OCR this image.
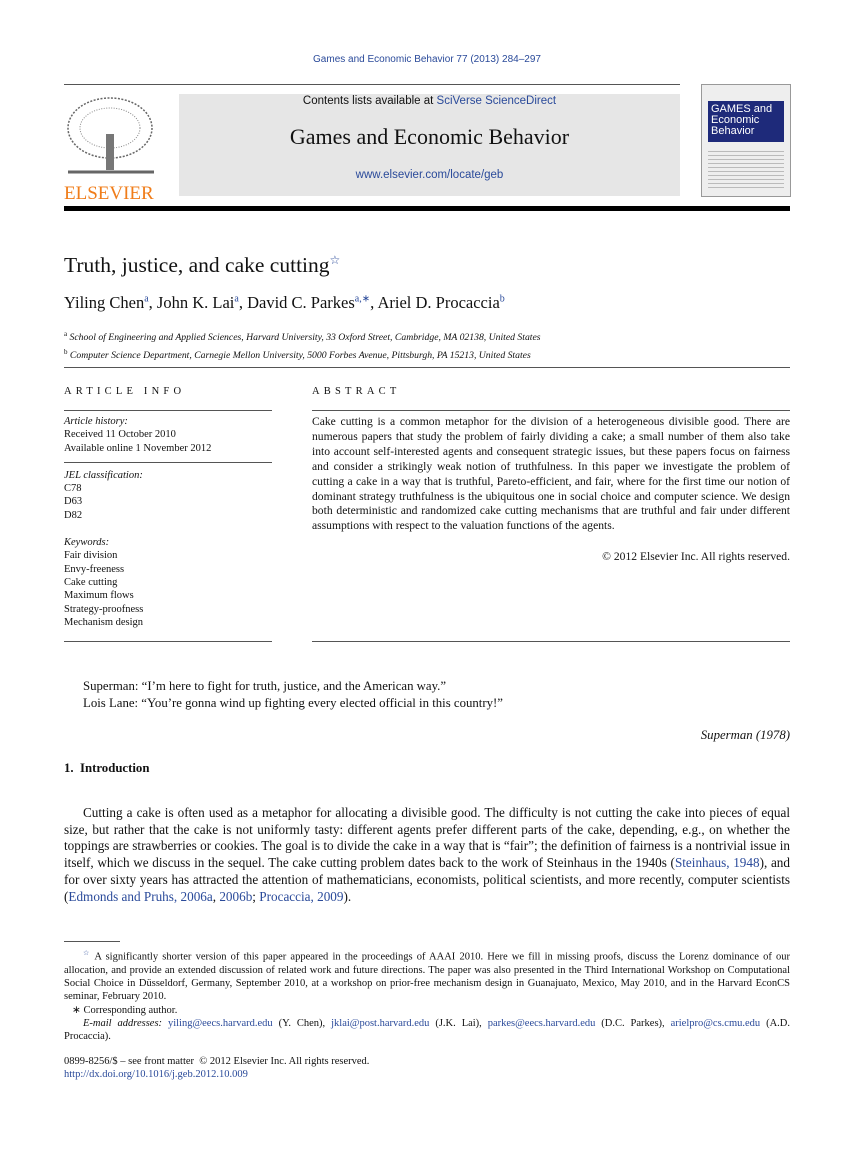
Games and Economic Behavior 77 (2013) 284–297
ELSEVIER
Contents lists available at SciVerse ScienceDirect
Games and Economic Behavior
www.elsevier.com/locate/geb
GAMES and Economic Behavior
Truth, justice, and cake cutting☆
Yiling Chen$^a$, John K. Lai$^a$, David C. Parkes$^{a,∗}$, Ariel D. Procaccia$^b$
$^a$ School of Engineering and Applied Sciences, Harvard University, 33 Oxford Street, Cambridge, MA 02138, United States
$^b$ Computer Science Department, Carnegie Mellon University, 5000 Forbes Avenue, Pittsburgh, PA 15213, United States
ARTICLE INFO
Article history:
Received 11 October 2010
Available online 1 November 2012
JEL classification:
C78
D63
D82
Keywords:
Fair division
Envy-freeness
Cake cutting
Maximum flows
Strategy-proofness
Mechanism design
ABSTRACT
Cake cutting is a common metaphor for the division of a heterogeneous divisible good. There are numerous papers that study the problem of fairly dividing a cake; a small number of them also take into account self-interested agents and consequent strategic issues, but these papers focus on fairness and consider a strikingly weak notion of truthfulness. In this paper we investigate the problem of cutting a cake in a way that is truthful, Pareto-efficient, and fair, where for the first time our notion of dominant strategy truthfulness is the ubiquitous one in social choice and computer science. We design both deterministic and randomized cake cutting mechanisms that are truthful and fair under different assumptions with respect to the valuation functions of the agents.
© 2012 Elsevier Inc. All rights reserved.
Superman: “I’m here to fight for truth, justice, and the American way.”
Lois Lane: “You’re gonna wind up fighting every elected official in this country!”
Superman (1978)
1.  Introduction
Cutting a cake is often used as a metaphor for allocating a divisible good. The difficulty is not cutting the cake into pieces of equal size, but rather that the cake is not uniformly tasty: different agents prefer different parts of the cake, depending, e.g., on whether the toppings are strawberries or cookies. The goal is to divide the cake in a way that is “fair”; the definition of fairness is a nontrivial issue in itself, which we discuss in the sequel. The cake cutting problem dates back to the work of Steinhaus in the 1940s (Steinhaus, 1948), and for over sixty years has attracted the attention of mathematicians, economists, political scientists, and more recently, computer scientists (Edmonds and Pruhs, 2006a, 2006b; Procaccia, 2009).
☆ A significantly shorter version of this paper appeared in the proceedings of AAAI 2010. Here we fill in missing proofs, discuss the Lorenz dominance of our allocation, and provide an extended discussion of related work and future directions. The paper was also presented in the Third International Workshop on Computational Social Choice in Düsseldorf, Germany, September 2010, at a workshop on prior-free mechanism design in Guanajuato, Mexico, May 2010, and in the Harvard EconCS seminar, February 2010.
∗ Corresponding author.
E-mail addresses: yiling@eecs.harvard.edu (Y. Chen), jklai@post.harvard.edu (J.K. Lai), parkes@eecs.harvard.edu (D.C. Parkes), arielpro@cs.cmu.edu (A.D. Procaccia).
0899-8256/$ – see front matter  © 2012 Elsevier Inc. All rights reserved.
http://dx.doi.org/10.1016/j.geb.2012.10.009
